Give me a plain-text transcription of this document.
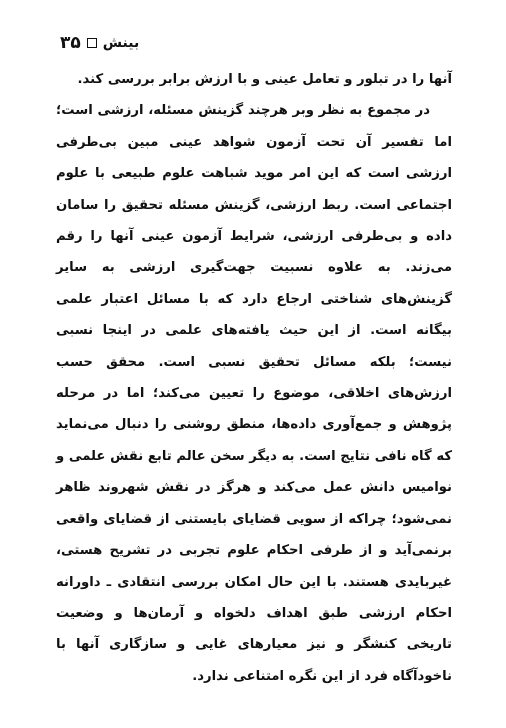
بینش
۳۵

آنها را در تبلور و تعامل عینی و با ارزش برابر بررسی کند.

در مجموع به نظر وبر هرچند گزینش مسئله، ارزشی است؛ اما تفسیر آن تحت آزمون شواهد عینی مبین بی‌طرفی ارزشی است که این امر موید شباهت علوم طبیعی با علوم اجتماعی است. ربط ارزشی، گزینش مسئله تحقیق را سامان داده و بی‌طرفی ارزشی، شرایط آزمون عینی آنها را رقم می‌زند. به علاوه نسبیت جهت‌گیری ارزشی به سایر گزینش‌های شناختی ارجاع دارد که با مسائل اعتبار علمی بیگانه است. از این حیث یافته‌های علمی در اینجا نسبی نیست؛ بلکه مسائل تحقیق نسبی است. محقق حسب ارزش‌های اخلاقی، موضوع را تعیین می‌کند؛ اما در مرحله پژوهش و جمع‌آوری داده‌ها، منطق روشنی را دنبال می‌نماید که گاه نافی نتایج است. به دیگر سخن عالم تابع نقش علمی و نوامیس دانش عمل می‌کند و هرگز در نقش شهروند ظاهر نمی‌شود؛ چراکه از سویی قضایای بایستنی از قضایای واقعی برنمی‌آید و از طرفی احکام علوم تجربی در تشریح هستی، غیربایدی هستند. با این حال امکان بررسی انتقادی ـ داورانه احکام ارزشی طبق اهداف دلخواه و آرمان‌ها و وضعیت تاریخی کنشگر و نیز معیارهای غایی و سازگاری آنها با ناخودآگاه فرد از این نگره امتناعی ندارد.
